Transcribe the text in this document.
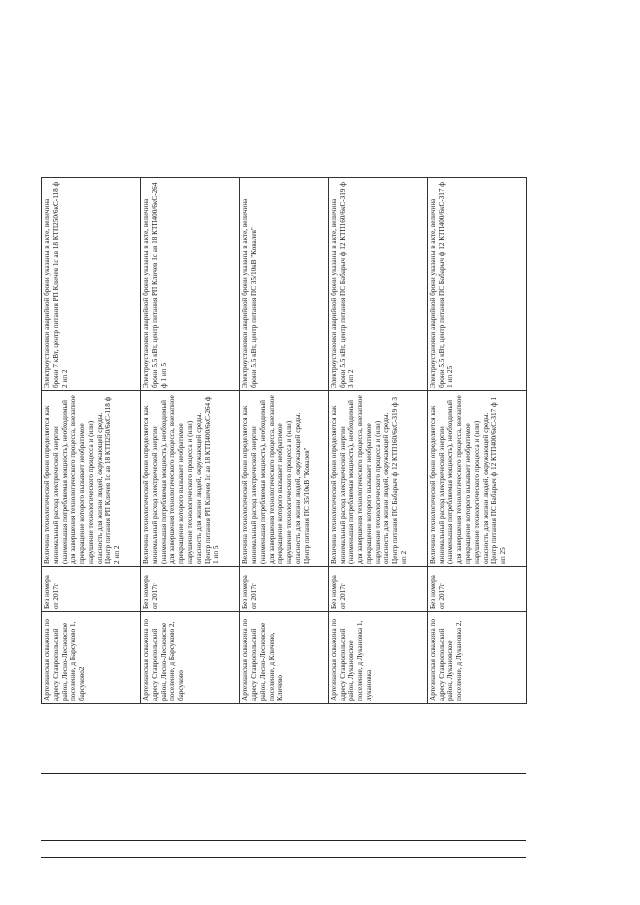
Артезианская скважина по адресу Ставропольский район, Лесно-Лесновское поселение, д Барсуково 1, барсуково2	Без номера от 2017г	Величина технологической брони определяется как минимальный расход электрической энергии (наименьшая потребляемая мощность), необходимый для завершения технологического процесса, внезапное прекращение которого вызывает необратимое нарушение технологического процесса и (или) опасность для жизни людей, окружающей среды. Центр питания РП Кличев 1с ав 18 КТП250/6кС-118 ф 2 ип 2	Электроустановки аварийной брони указаны в акте, величина брони 7 кВт, центр питания РП Кличев 1с ав 18 КТП250/6кС-118 ф 2 ип 2

Артезианская скважина по адресу Ставропольский район, Лесно-Лесновское поселение, д Барсуково 2, барсуково	Без номера от 2017г	Величина технологической брони определяется как минимальный расход электрической энергии (наименьшая потребляемая мощность), необходимый для завершения технологического процесса, внезапное прекращение которого вызывает необратимое нарушение технологического процесса и (или) опасность для жизни людей, окружающей среды. Центр питания РП Кличев 1с ав 18 КТП400/6кС-264 ф 1 ип 5	Электроустановки аварийной брони указаны в акте, величина брони 5.5 кВт, центр питания РП Кличев 1с ав 18 КТП400/6кС-264 ф 1 ип 5

Артезианская скважина по адресу Ставропольский район, Лесно-Лесновское поселение, д Кличево, Кличево	Без номера от 2017г	Величина технологической брони определяется как минимальный расход электрической энергии (наименьшая потребляемая мощность), необходимый для завершения технологического процесса, внезапное прекращение которого вызывает необратимое нарушение технологического процесса и (или) опасность для жизни людей, окружающей среды. Центр питания ПС 35/10кВ "Ковалев"	Электроустановки аварийной брони указаны в акте, величина брони 5.5 кВт, центр питания ПС 35/10кВ "Ковалев"

Артезианская скважина по адресу Ставропольский район, Лукановское поселение, д Лукановка 1, лукановка	Без номера от 2017г	Величина технологической брони определяется как минимальный расход электрической энергии (наименьшая потребляемая мощность), необходимый для завершения технологического процесса, внезапное прекращение которого вызывает необратимое нарушение технологического процесса и (или) опасность для жизни людей, окружающей среды. Центр питания ПС Бабарыч ф 12 КТП160/6кС-319 ф 3 ип 2	Электроустановки аварийной брони указаны в акте, величина брони 5.5 кВт, центр питания ПС Бабарыч ф 12 КТП160/6кС-319 ф 3 ип 2

Артезианская скважина по адресу Ставропольский район, Лукановское поселение, д Лукановка 2,	Без номера от 2017г	Величина технологической брони определяется как минимальный расход электрической энергии (наименьшая потребляемая мощность), необходимый для завершения технологического процесса, внезапное прекращение которого вызывает необратимое нарушение технологического процесса и (или) опасность для жизни людей, окружающей среды. Центр питания ПС Бабарыч ф 12 КТП400/6кС-317 ф 1 ип 25	Электроустановки аварийной брони указаны в акте, величина брони 5.5 кВт, центр питания ПС Бабарыч ф 12 КТП400/6кС-317 ф 1 ип 25
